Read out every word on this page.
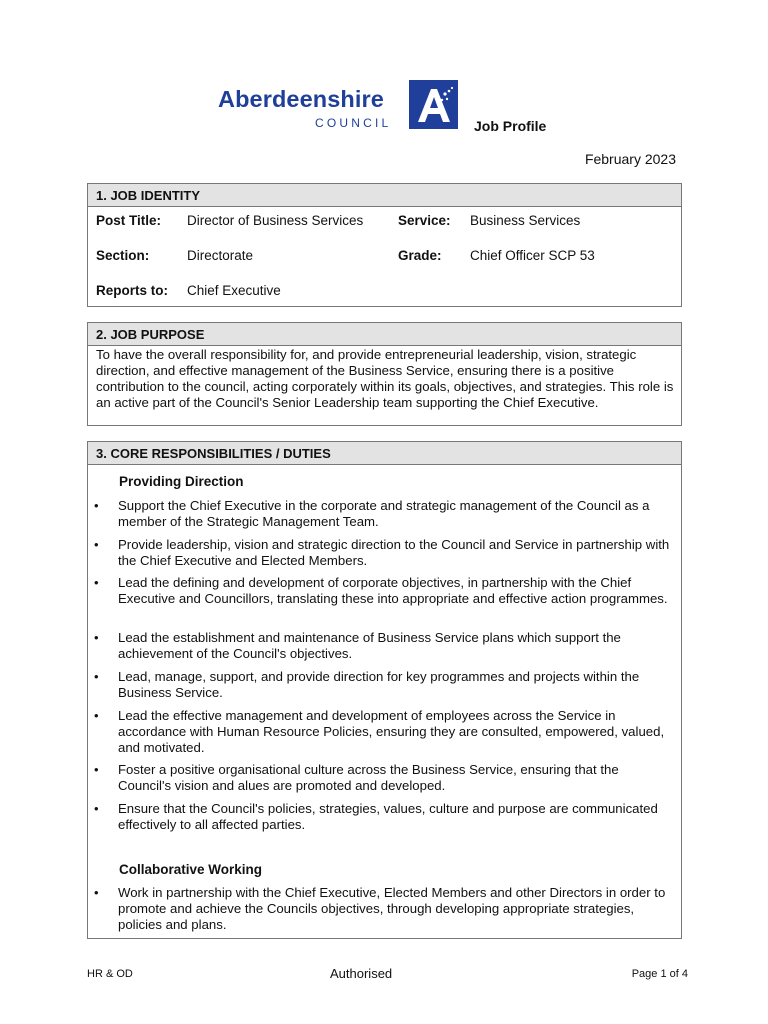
Aberdeenshire
COUNCIL	Job Profile
February 2023
1. JOB IDENTITY
Post Title: Director of Business Services	Service: Business Services
Section:	Directorate	Grade: Chief Officer SCP 53
Reports to: Chief Executive
2. JOB PURPOSE
To have the overall responsibility for, and provide entrepreneurial leadership, vision, strategic direction, and effective management of the Business Service, ensuring there is a positive contribution to the council, acting corporately within its goals, objectives, and strategies. This role is an active part of the Council's Senior Leadership team supporting the Chief Executive.
3. CORE RESPONSIBILITIES / DUTIES
Providing Direction
• Support the Chief Executive in the corporate and strategic management of the Council as a member of the Strategic Management Team.
• Provide leadership, vision and strategic direction to the Council and Service in partnership with the Chief Executive and Elected Members.
• Lead the defining and development of corporate objectives, in partnership with the Chief Executive and Councillors, translating these into appropriate and effective action programmes.
• Lead the establishment and maintenance of Business Service plans which support the achievement of the Council's objectives.
• Lead, manage, support, and provide direction for key programmes and projects within the Business Service.
• Lead the effective management and development of employees across the Service in accordance with Human Resource Policies, ensuring they are consulted, empowered, valued, and motivated.
• Foster a positive organisational culture across the Business Service, ensuring that the Council's vision and alues are promoted and developed.
• Ensure that the Council's policies, strategies, values, culture and purpose are communicated effectively to all affected parties.
Collaborative Working
• Work in partnership with the Chief Executive, Elected Members and other Directors in order to promote and achieve the Councils objectives, through developing appropriate strategies, policies and plans.
HR & OD	Authorised	Page 1 of 4
